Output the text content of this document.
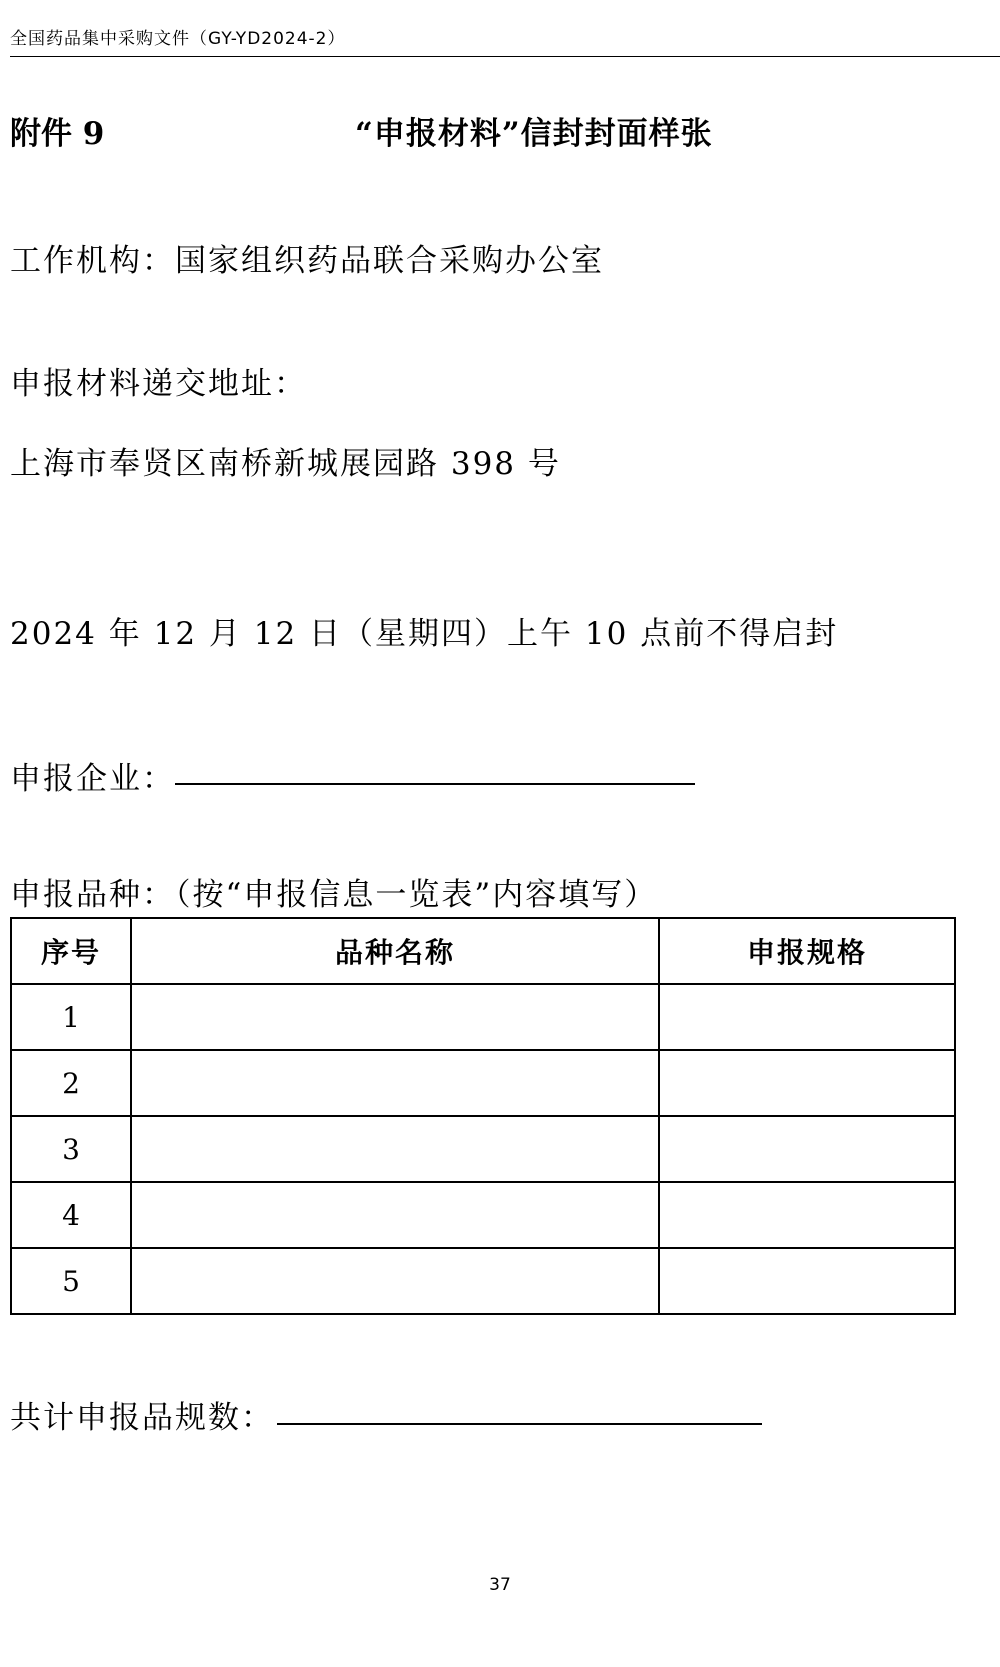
全国药品集中采购文件（GY-YD2024-2）
附件 9	“申报材料”信封封面样张
工作机构：国家组织药品联合采购办公室
申报材料递交地址：
上海市奉贤区南桥新城展园路 398 号
2024 年 12 月 12 日（星期四）上午 10 点前不得启封
申报企业：
申报品种：（按“申报信息一览表”内容填写）
序号	品种名称	申报规格
1		
2		
3		
4		
5		
共计申报品规数：
37
